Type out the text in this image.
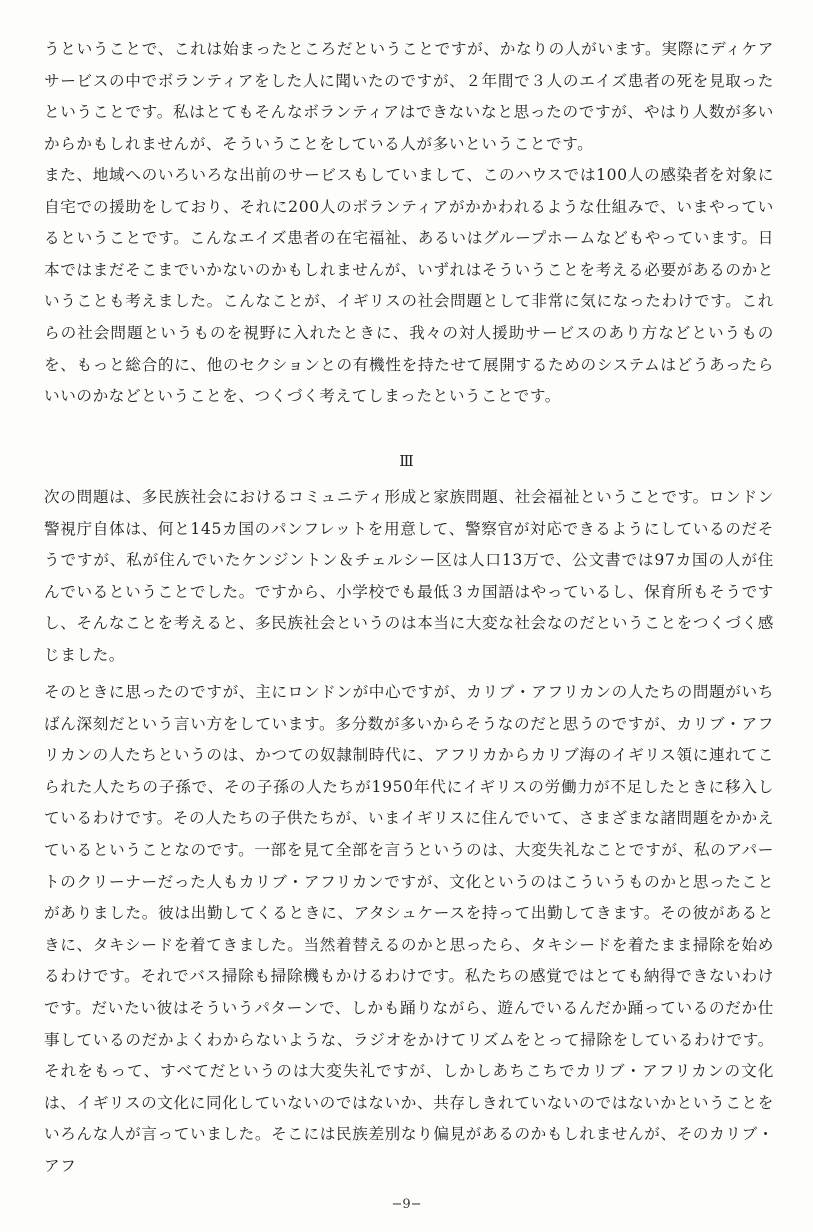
うということで、これは始まったところだということですが、かなりの人がいます。実際にディケアサービスの中でボランティアをした人に聞いたのですが、２年間で３人のエイズ患者の死を見取ったということです。私はとてもそんなボランティアはできないなと思ったのですが、やはり人数が多いからかもしれませんが、そういうことをしている人が多いということです。

また、地域へのいろいろな出前のサービスもしていまして、このハウスでは100人の感染者を対象に自宅での援助をしており、それに200人のボランティアがかかわれるような仕組みで、いまやっているということです。こんなエイズ患者の在宅福祉、あるいはグループホームなどもやっています。日本ではまだそこまでいかないのかもしれませんが、いずれはそういうことを考える必要があるのかということも考えました。こんなことが、イギリスの社会問題として非常に気になったわけです。これらの社会問題というものを視野に入れたときに、我々の対人援助サービスのあり方などというものを、もっと総合的に、他のセクションとの有機性を持たせて展開するためのシステムはどうあったらいいのかなどということを、つくづく考えてしまったということです。

Ⅲ

次の問題は、多民族社会におけるコミュニティ形成と家族問題、社会福祉ということです。ロンドン警視庁自体は、何と145カ国のパンフレットを用意して、警察官が対応できるようにしているのだそうですが、私が住んでいたケンジントン＆チェルシー区は人口13万で、公文書では97カ国の人が住んでいるということでした。ですから、小学校でも最低３カ国語はやっているし、保育所もそうですし、そんなことを考えると、多民族社会というのは本当に大変な社会なのだということをつくづく感じました。

そのときに思ったのですが、主にロンドンが中心ですが、カリブ・アフリカンの人たちの問題がいちばん深刻だという言い方をしています。多分数が多いからそうなのだと思うのですが、カリブ・アフリカンの人たちというのは、かつての奴隷制時代に、アフリカからカリブ海のイギリス領に連れてこられた人たちの子孫で、その子孫の人たちが1950年代にイギリスの労働力が不足したときに移入しているわけです。その人たちの子供たちが、いまイギリスに住んでいて、さまざまな諸問題をかかえているということなのです。一部を見て全部を言うというのは、大変失礼なことですが、私のアパートのクリーナーだった人もカリブ・アフリカンですが、文化というのはこういうものかと思ったことがありました。彼は出勤してくるときに、アタシュケースを持って出勤してきます。その彼があるときに、タキシードを着てきました。当然着替えるのかと思ったら、タキシードを着たまま掃除を始めるわけです。それでバス掃除も掃除機もかけるわけです。私たちの感覚ではとても納得できないわけです。だいたい彼はそういうパターンで、しかも踊りながら、遊んでいるんだか踊っているのだか仕事しているのだかよくわからないような、ラジオをかけてリズムをとって掃除をしているわけです。それをもって、すべてだというのは大変失礼ですが、しかしあちこちでカリブ・アフリカンの文化は、イギリスの文化に同化していないのではないか、共存しきれていないのではないかということをいろんな人が言っていました。そこには民族差別なり偏見があるのかもしれませんが、そのカリブ・アフ

−9−
